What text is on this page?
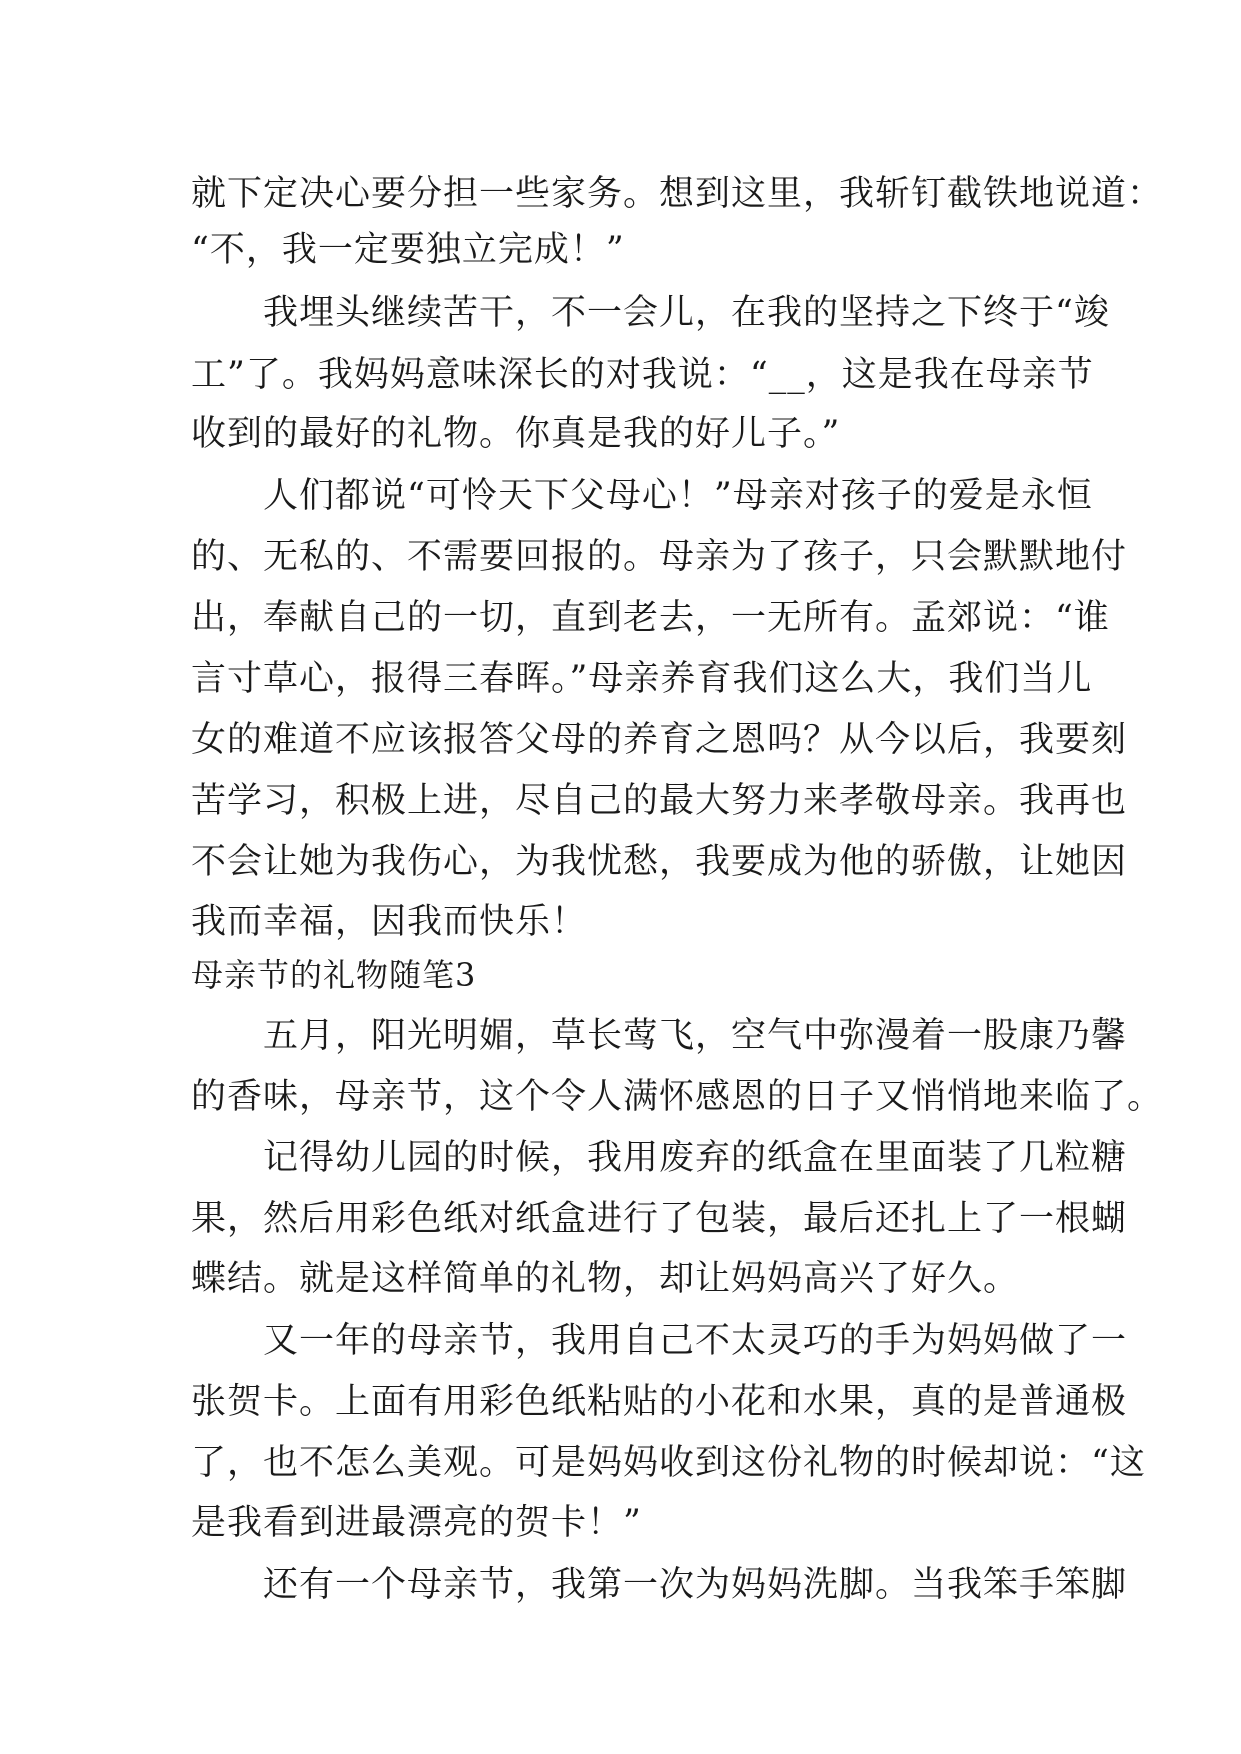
就下定决心要分担一些家务。想到这里，我斩钉截铁地说道：
“不，我一定要独立完成！”
　　我埋头继续苦干，不一会儿，在我的坚持之下终于“竣
工”了。我妈妈意味深长的对我说：“__，这是我在母亲节
收到的最好的礼物。你真是我的好儿子。”
　　人们都说“可怜天下父母心！”母亲对孩子的爱是永恒
的、无私的、不需要回报的。母亲为了孩子，只会默默地付
出，奉献自己的一切，直到老去，一无所有。孟郊说：“谁
言寸草心，报得三春晖。”母亲养育我们这么大，我们当儿
女的难道不应该报答父母的养育之恩吗？从今以后，我要刻
苦学习，积极上进，尽自己的最大努力来孝敬母亲。我再也
不会让她为我伤心，为我忧愁，我要成为他的骄傲，让她因
我而幸福，因我而快乐！
母亲节的礼物随笔3
　　五月，阳光明媚，草长莺飞，空气中弥漫着一股康乃馨
的香味，母亲节，这个令人满怀感恩的日子又悄悄地来临了。
　　记得幼儿园的时候，我用废弃的纸盒在里面装了几粒糖
果，然后用彩色纸对纸盒进行了包装，最后还扎上了一根蝴
蝶结。就是这样简单的礼物，却让妈妈高兴了好久。
　　又一年的母亲节，我用自己不太灵巧的手为妈妈做了一
张贺卡。上面有用彩色纸粘贴的小花和水果，真的是普通极
了，也不怎么美观。可是妈妈收到这份礼物的时候却说：“这
是我看到进最漂亮的贺卡！”
　　还有一个母亲节，我第一次为妈妈洗脚。当我笨手笨脚
